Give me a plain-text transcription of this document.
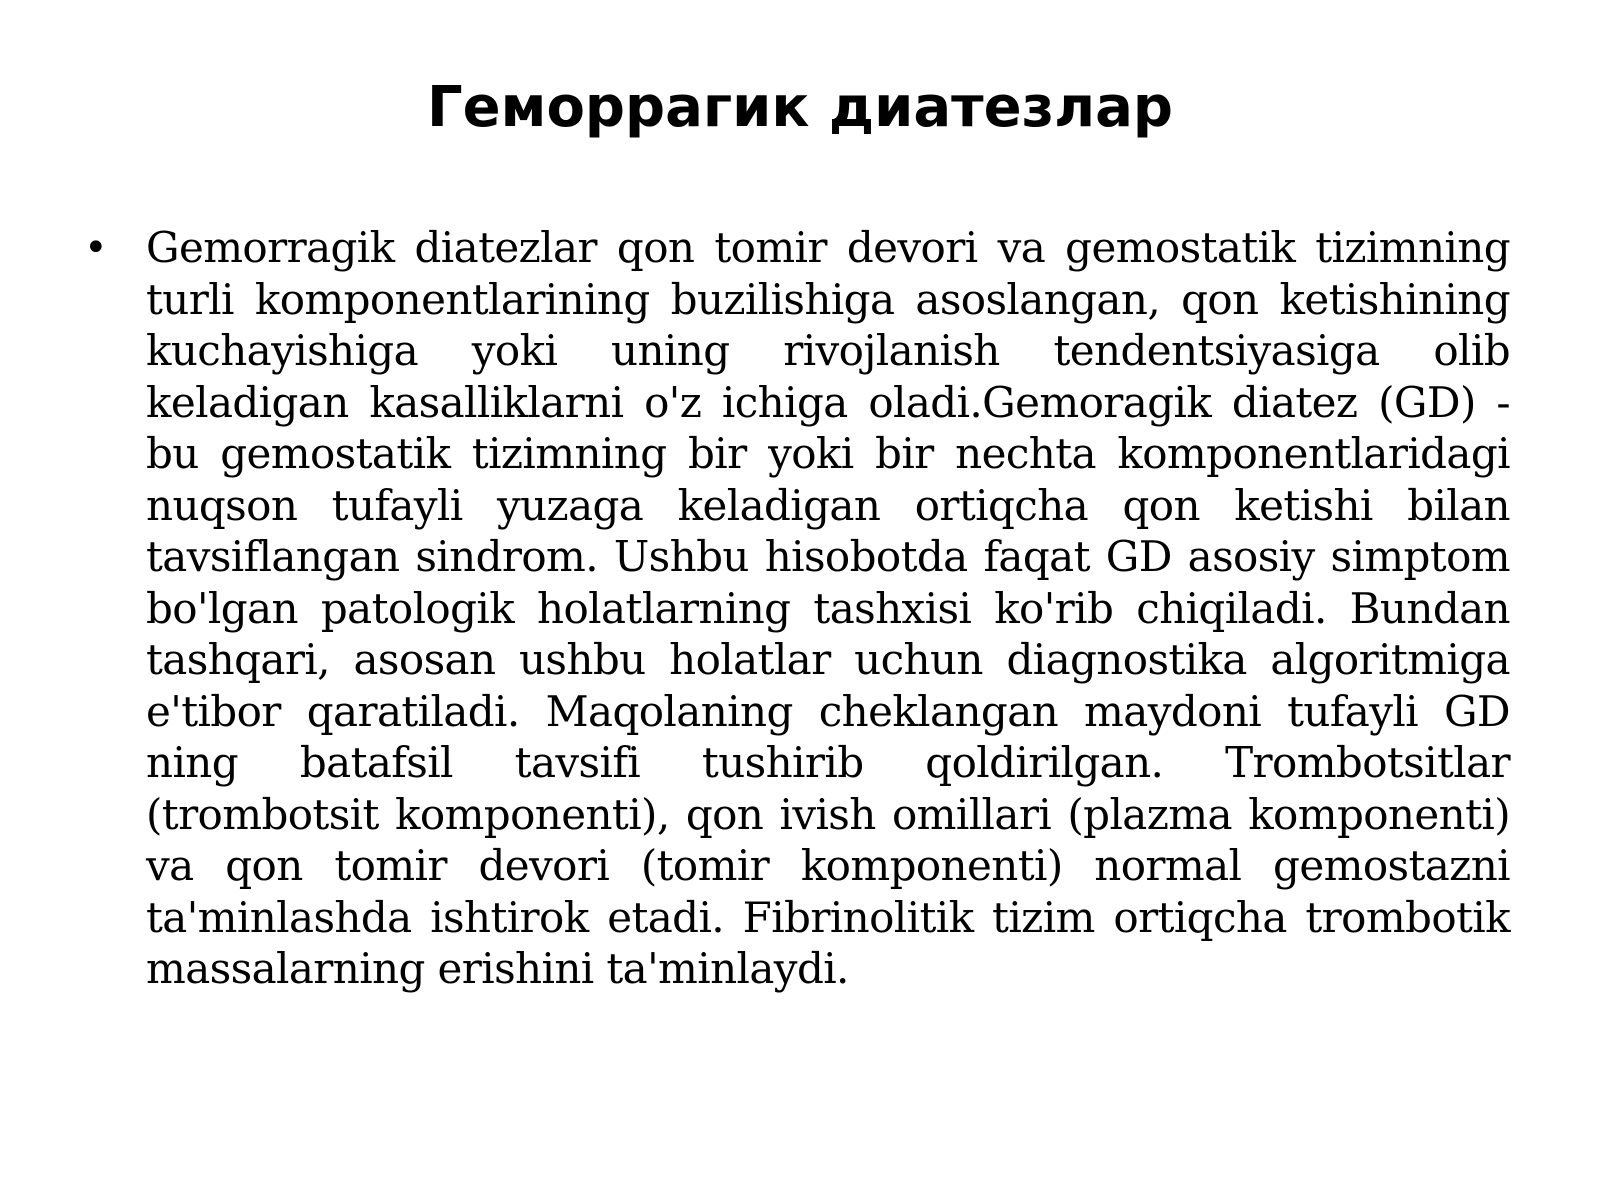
Геморрагик диатезлар
• Gemorragik diatezlar qon tomir devori va gemostatik tizimning turli komponentlarining buzilishiga asoslangan, qon ketishining kuchayishiga yoki uning rivojlanish tendentsiyasiga olib keladigan kasalliklarni o'z ichiga oladi.Gemoragik diatez (GD) - bu gemostatik tizimning bir yoki bir nechta komponentlaridagi nuqson tufayli yuzaga keladigan ortiqcha qon ketishi bilan tavsiflangan sindrom. Ushbu hisobotda faqat GD asosiy simptom bo'lgan patologik holatlarning tashxisi ko'rib chiqiladi. Bundan tashqari, asosan ushbu holatlar uchun diagnostika algoritmiga e'tibor qaratiladi. Maqolaning cheklangan maydoni tufayli GD ning batafsil tavsifi tushirib qoldirilgan. Trombotsitlar (trombotsit komponenti), qon ivish omillari (plazma komponenti) va qon tomir devori (tomir komponenti) normal gemostazni ta'minlashda ishtirok etadi. Fibrinolitik tizim ortiqcha trombotik massalarning erishini ta'minlaydi.
